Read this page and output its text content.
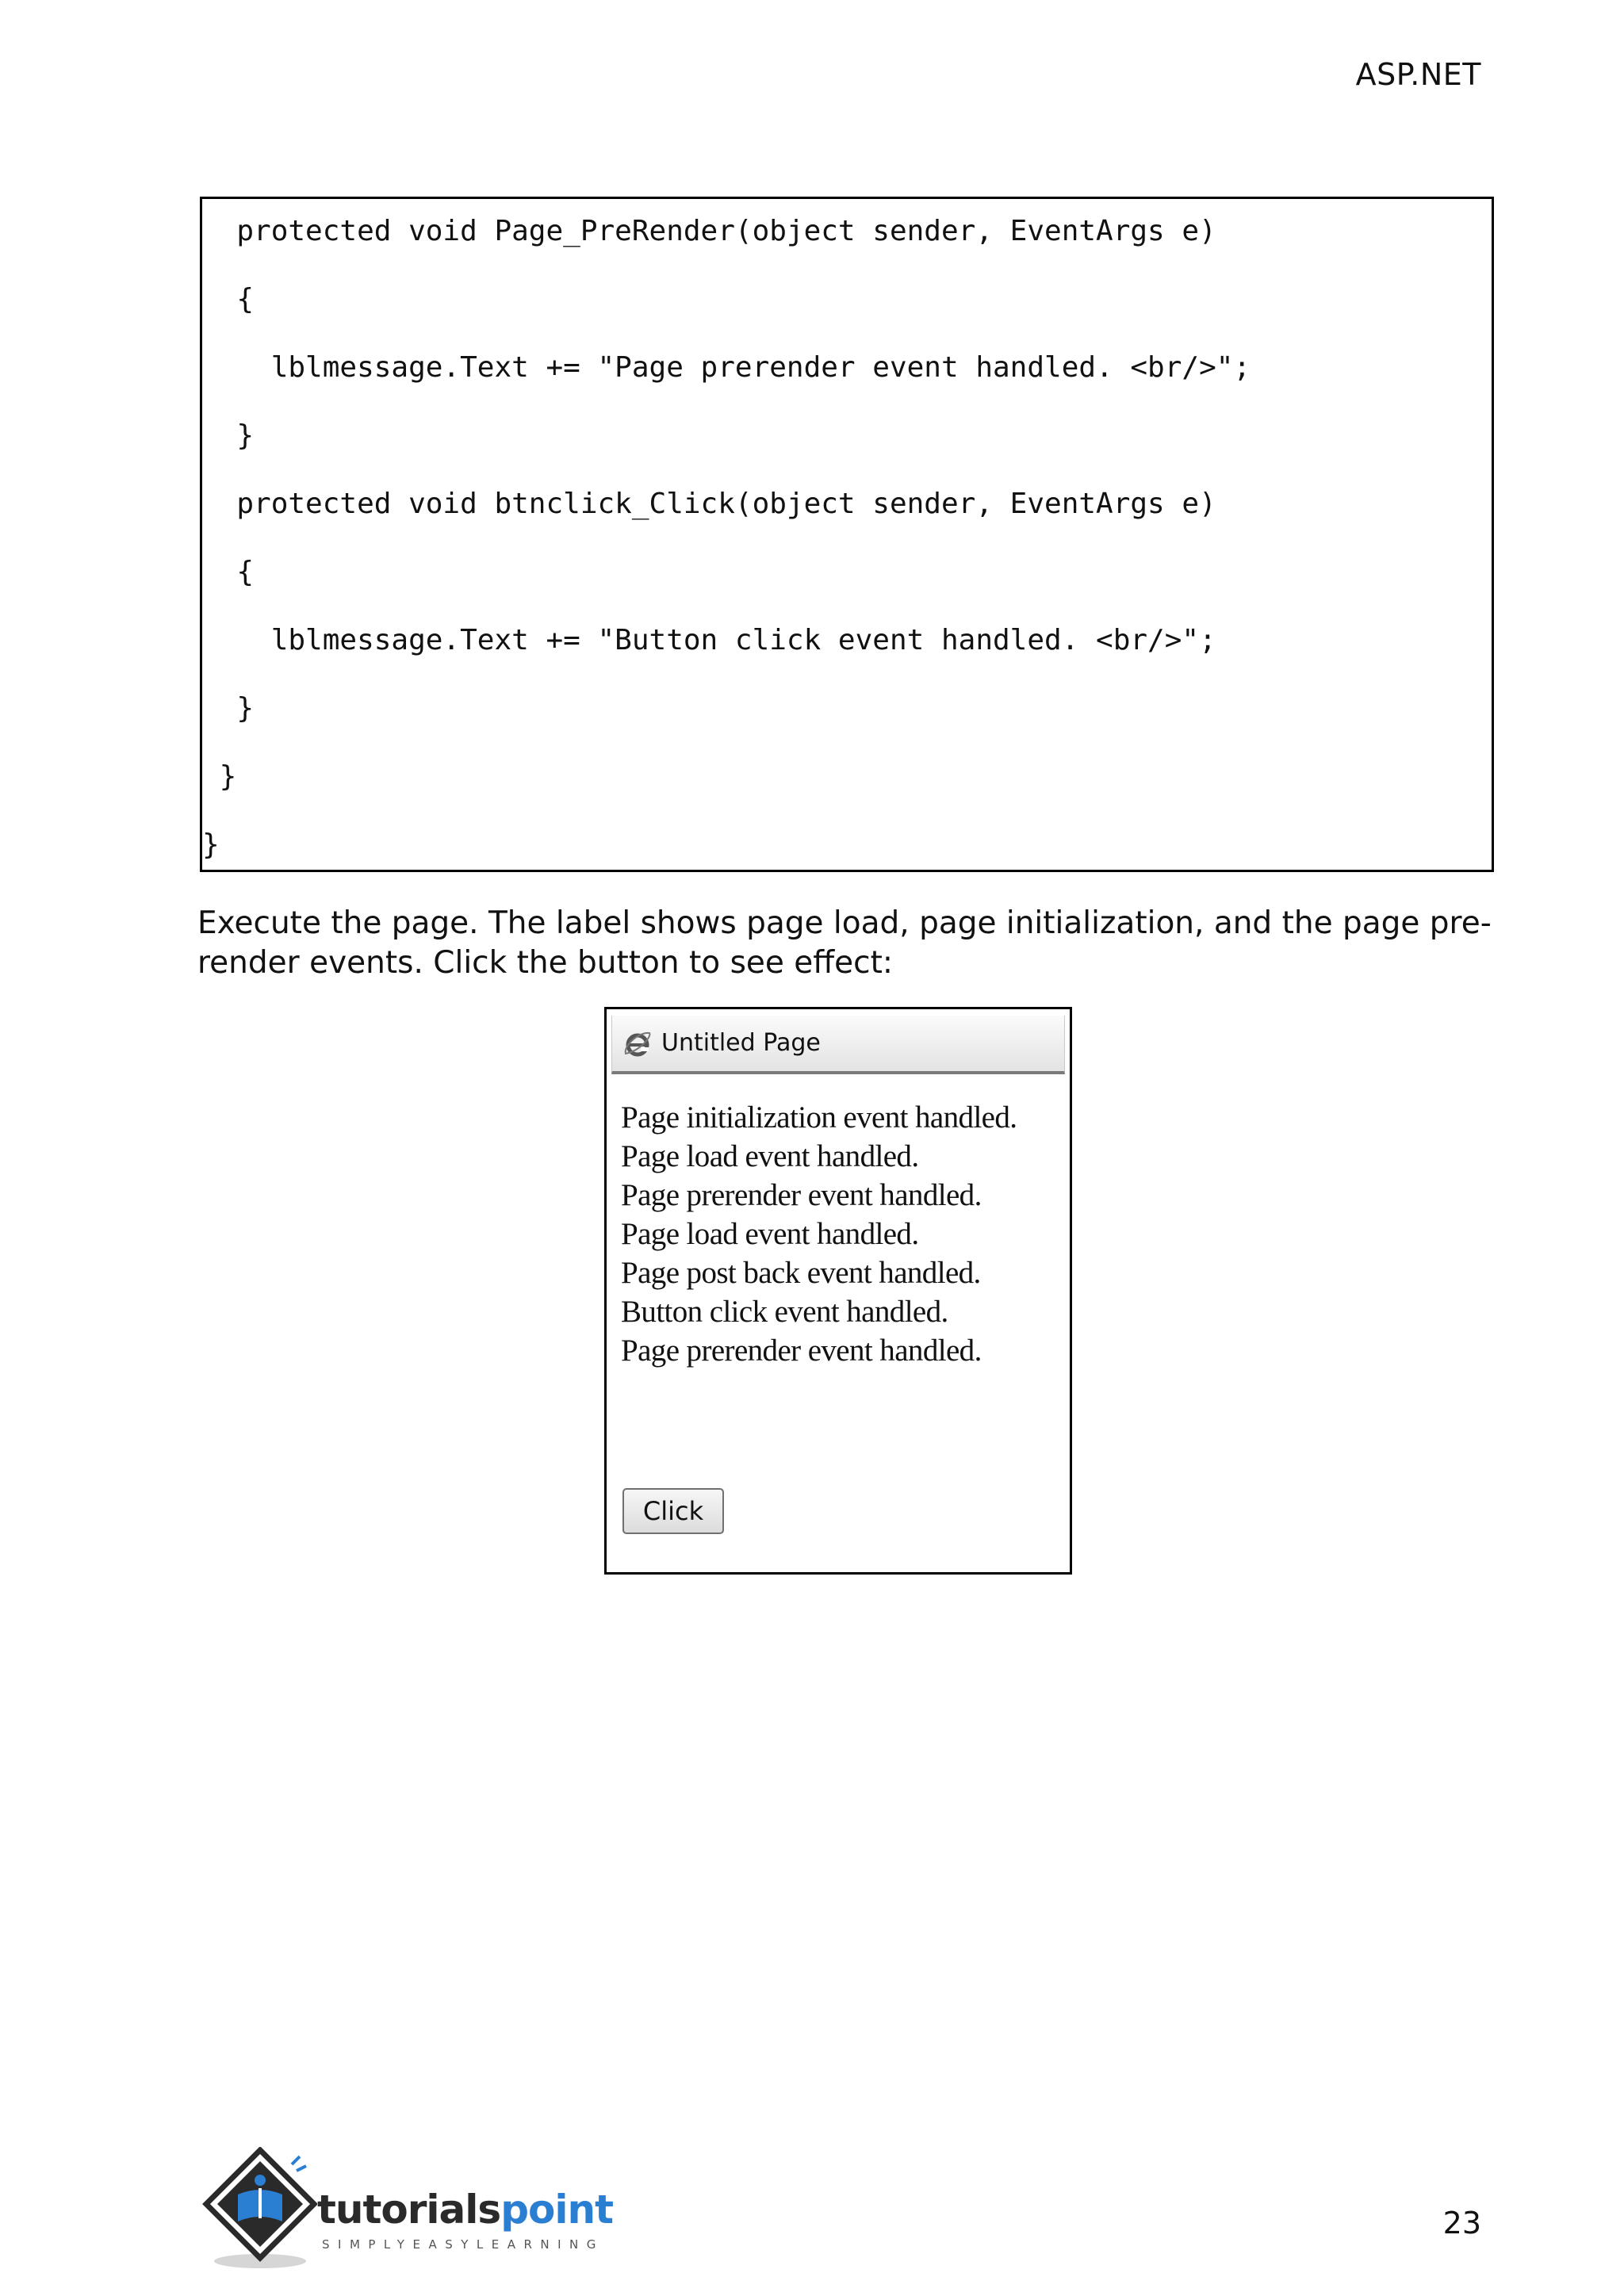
ASP.NET
protected void Page_PreRender(object sender, EventArgs e)
{
lblmessage.Text += "Page prerender event handled. <br/>";
}
protected void btnclick_Click(object sender, EventArgs e)
{
lblmessage.Text += "Button click event handled. <br/>";
}
}
}
Execute the page. The label shows page load, page initialization, and the page pre-render events. Click the button to see effect:
Untitled Page
Page initialization event handled.
Page load event handled.
Page prerender event handled.
Page load event handled.
Page post back event handled.
Button click event handled.
Page prerender event handled.
Click
tutorialspoint
SIMPLYEASYLEARNING
23
